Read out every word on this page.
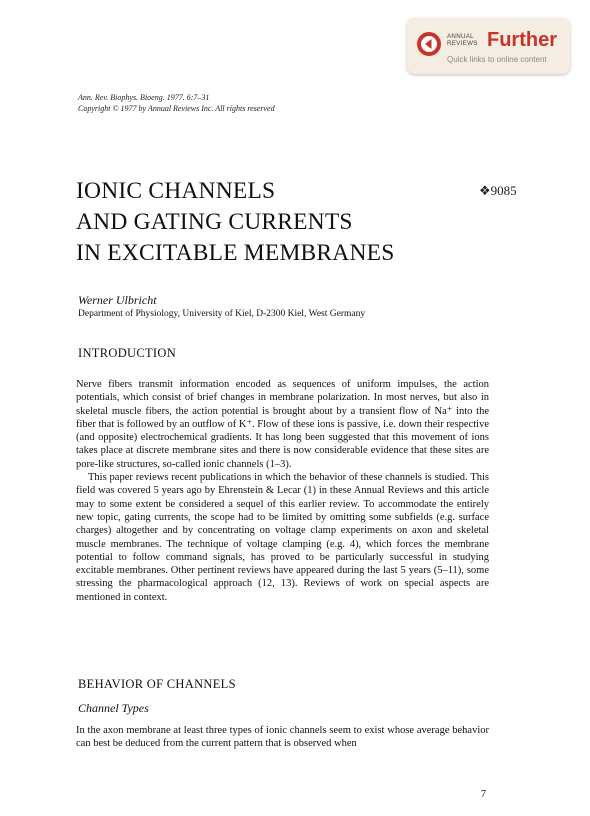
ANNUAL
REVIEWS Further
Quick links to online content
Ann. Rev. Biophys. Bioeng. 1977. 6:7–31
Copyright © 1977 by Annual Reviews Inc. All rights reserved
IONIC CHANNELS
AND GATING CURRENTS
IN EXCITABLE MEMBRANES
❖9085
Werner Ulbricht
Department of Physiology, University of Kiel, D-2300 Kiel, West Germany
INTRODUCTION

Nerve fibers transmit information encoded as sequences of uniform impulses, the action potentials, which consist of brief changes in membrane polarization. In most nerves, but also in skeletal muscle fibers, the action potential is brought about by a transient flow of Na⁺ into the fiber that is followed by an outflow of K⁺. Flow of these ions is passive, i.e. down their respective (and opposite) electrochemical gradients. It has long been suggested that this movement of ions takes place at discrete membrane sites and there is now considerable evidence that these sites are pore-like structures, so-called ionic channels (1–3).

This paper reviews recent publications in which the behavior of these channels is studied. This field was covered 5 years ago by Ehrenstein & Lecar (1) in these Annual Reviews and this article may to some extent be considered a sequel of this earlier review. To accommodate the entirely new topic, gating currents, the scope had to be limited by omitting some subfields (e.g. surface charges) altogether and by concentrating on voltage clamp experiments on axon and skeletal muscle membranes. The technique of voltage clamping (e.g. 4), which forces the membrane potential to follow command signals, has proved to be particularly successful in studying excitable membranes. Other pertinent reviews have appeared during the last 5 years (5–11), some stressing the pharmacological approach (12, 13). Reviews of work on special aspects are mentioned in context.

BEHAVIOR OF CHANNELS
Channel Types

In the axon membrane at least three types of ionic channels seem to exist whose average behavior can best be deduced from the current pattern that is observed when

7
